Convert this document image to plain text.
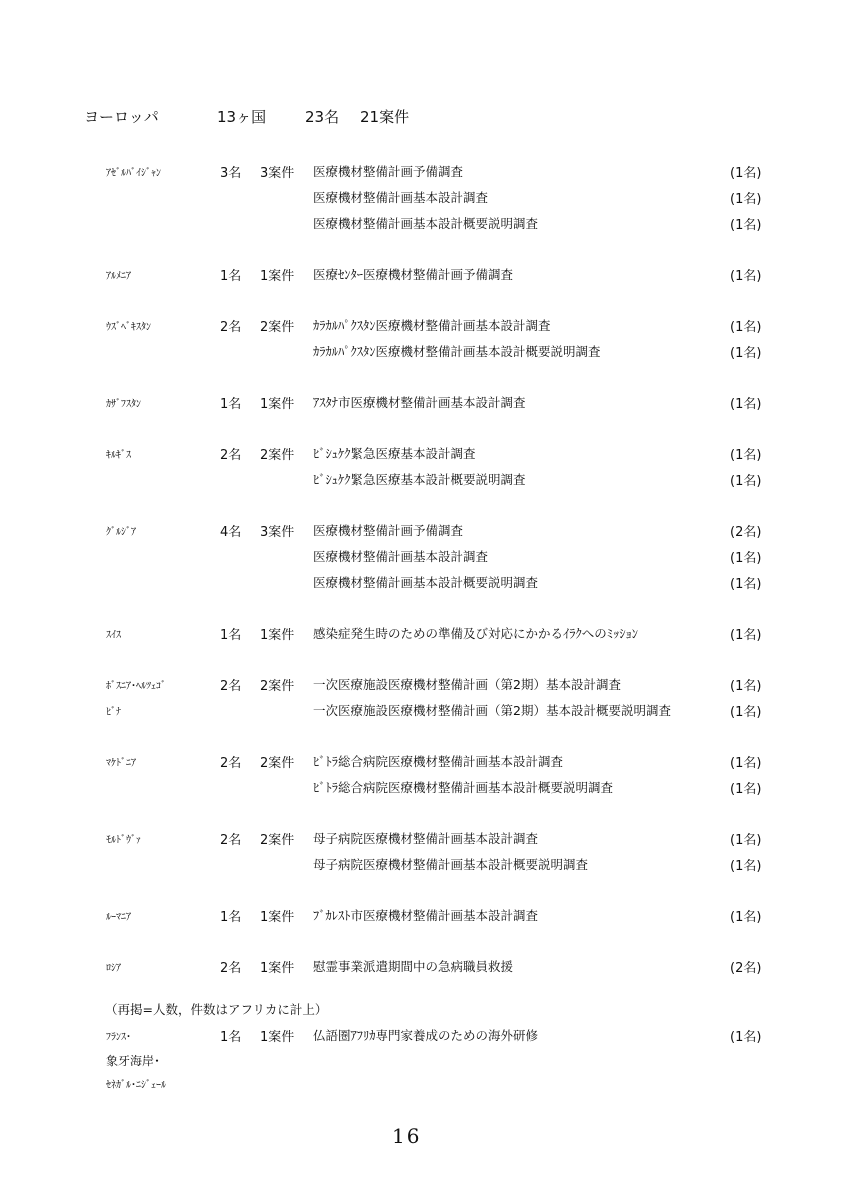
ヨーロッパ	13ヶ国	23名 21案件
ｱｾﾞﾙﾊﾞｲｼﾞｬﾝ	3名 3案件 医療機材整備計画予備調査	(1名)
医療機材整備計画基本設計調査	(1名)
医療機材整備計画基本設計概要説明調査	(1名)
ｱﾙﾒﾆｱ	1名 1案件 医療ｾﾝﾀｰ医療機材整備計画予備調査	(1名)
ｳｽﾞﾍﾞｷｽﾀﾝ	2名 2案件 ｶﾗｶﾙﾊﾟｸｽﾀﾝ医療機材整備計画基本設計調査	(1名)
ｶﾗｶﾙﾊﾟｸｽﾀﾝ医療機材整備計画基本設計概要説明調査	(1名)
ｶｻﾞﾌｽﾀﾝ	1名 1案件 ｱｽﾀﾅ市医療機材整備計画基本設計調査	(1名)
ｷﾙｷﾞｽ	2名 2案件 ﾋﾞｼｭｹｸ緊急医療基本設計調査	(1名)
ﾋﾞｼｭｹｸ緊急医療基本設計概要説明調査	(1名)
ｸﾞﾙｼﾞｱ	4名 3案件 医療機材整備計画予備調査	(2名)
医療機材整備計画基本設計調査	(1名)
医療機材整備計画基本設計概要説明調査	(1名)
ｽｲｽ	1名 1案件 感染症発生時のための準備及び対応にかかるｲﾗｸへのﾐｯｼｮﾝ	(1名)
ﾎﾞｽﾆｱ･ﾍﾙﾂｪｺﾞ	2名 2案件 一次医療施設医療機材整備計画（第2期）基本設計調査	(1名)
ﾋﾞﾅ	一次医療施設医療機材整備計画（第2期）基本設計概要説明調査	(1名)
ﾏｹﾄﾞﾆｱ	2名 2案件 ﾋﾞﾄﾗ総合病院医療機材整備計画基本設計調査	(1名)
ﾋﾞﾄﾗ総合病院医療機材整備計画基本設計概要説明調査	(1名)
ﾓﾙﾄﾞｳﾞｧ	2名 2案件 母子病院医療機材整備計画基本設計調査	(1名)
母子病院医療機材整備計画基本設計概要説明調査	(1名)
ﾙｰﾏﾆｱ	1名 1案件 ﾌﾞｶﾚｽﾄ市医療機材整備計画基本設計調査	(1名)
ﾛｼｱ	2名 1案件 慰霊事業派遣期間中の急病職員救援	(2名)
（再掲=人数，件数はアフリカに計上）
ﾌﾗﾝｽ･	1名 1案件 仏語圏ｱﾌﾘｶ専門家養成のための海外研修	(1名)
象牙海岸･
ｾﾈｶﾞﾙ･ﾆｼﾞｪｰﾙ
16
